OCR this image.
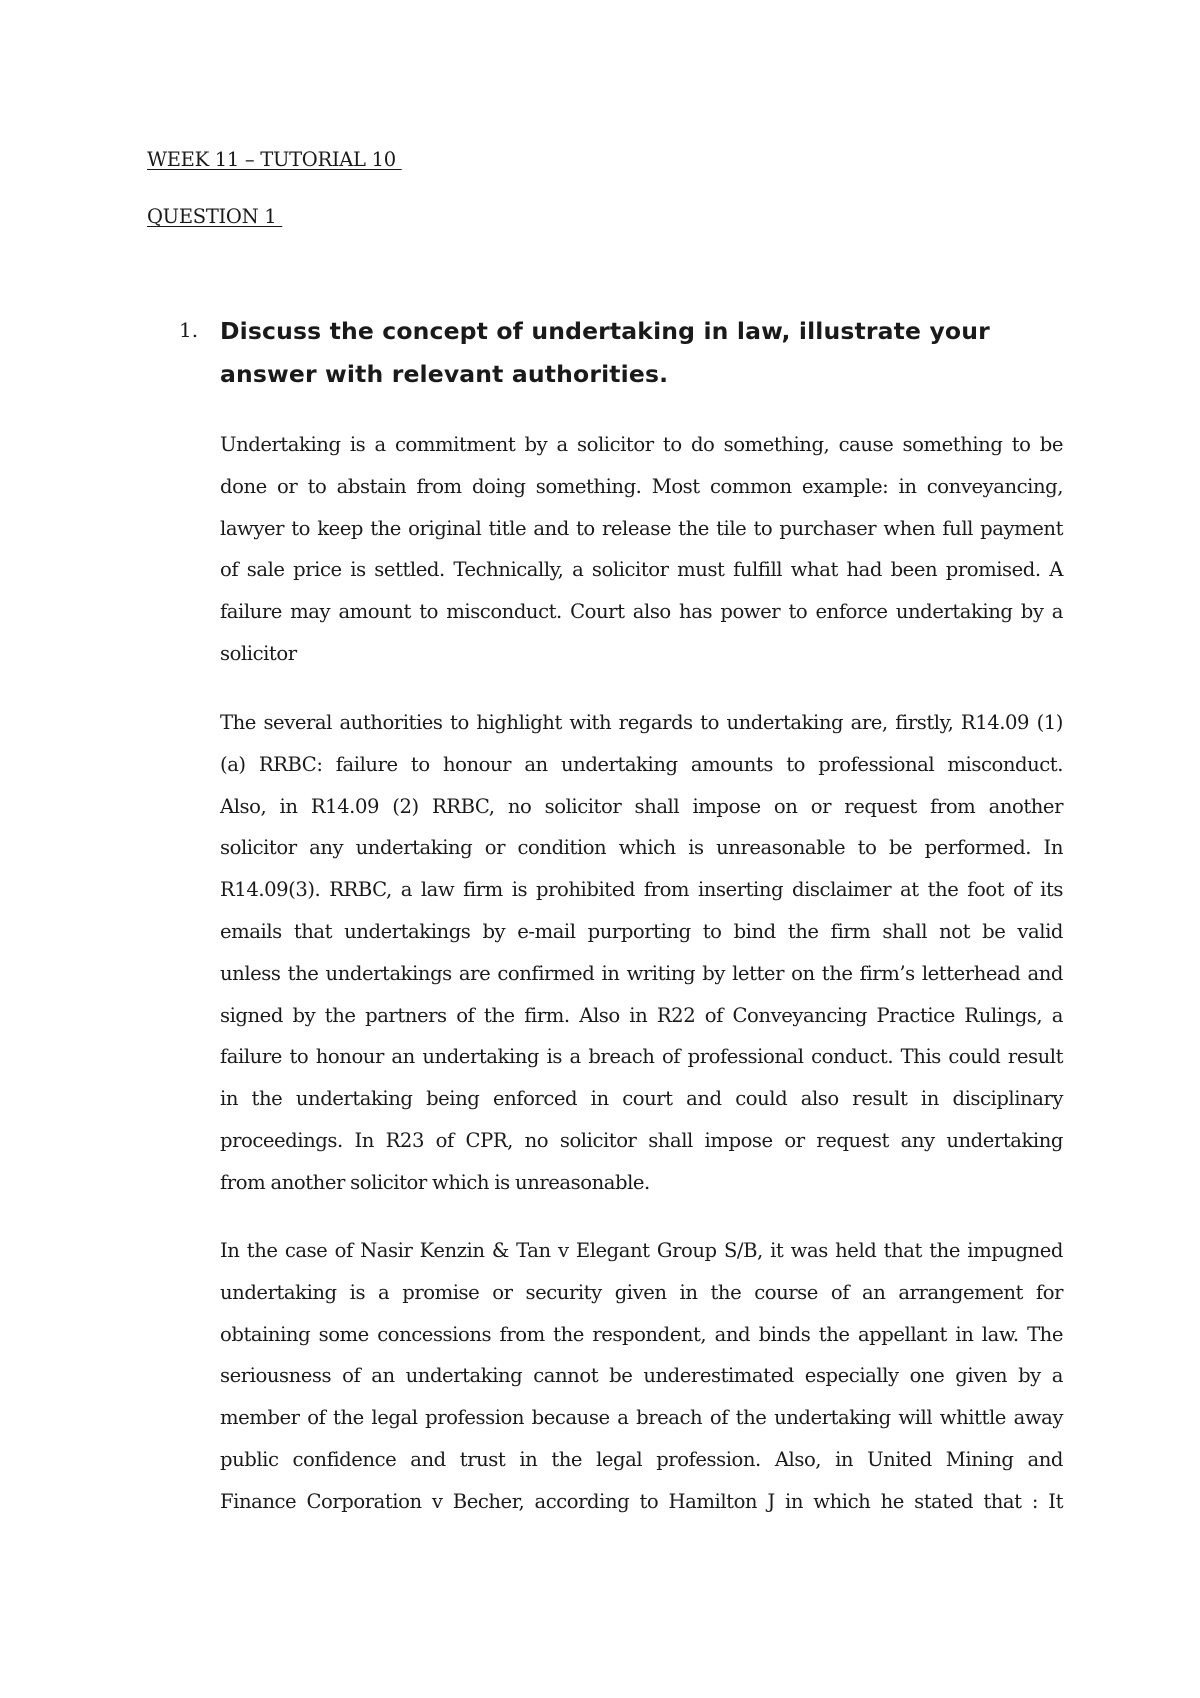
WEEK 11 – TUTORIAL 10
QUESTION 1
1. Discuss the concept of undertaking in law, illustrate your answer with relevant authorities.
Undertaking is a commitment by a solicitor to do something, cause something to be
done or to abstain from doing something. Most common example: in conveyancing,
lawyer to keep the original title and to release the tile to purchaser when full payment
of sale price is settled. Technically, a solicitor must fulfill what had been promised. A
failure may amount to misconduct. Court also has power to enforce undertaking by a
solicitor
The several authorities to highlight with regards to undertaking are, firstly, R14.09 (1)
(a) RRBC: failure to honour an undertaking amounts to professional misconduct.
Also, in R14.09 (2) RRBC, no solicitor shall impose on or request from another
solicitor any undertaking or condition which is unreasonable to be performed. In
R14.09(3). RRBC, a law firm is prohibited from inserting disclaimer at the foot of its
emails that undertakings by e-mail purporting to bind the firm shall not be valid
unless the undertakings are confirmed in writing by letter on the firm’s letterhead and
signed by the partners of the firm. Also in R22 of Conveyancing Practice Rulings, a
failure to honour an undertaking is a breach of professional conduct. This could result
in the undertaking being enforced in court and could also result in disciplinary
proceedings. In R23 of CPR, no solicitor shall impose or request any undertaking
from another solicitor which is unreasonable.
In the case of Nasir Kenzin & Tan v Elegant Group S/B, it was held that the impugned
undertaking is a promise or security given in the course of an arrangement for
obtaining some concessions from the respondent, and binds the appellant in law. The
seriousness of an undertaking cannot be underestimated especially one given by a
member of the legal profession because a breach of the undertaking will whittle away
public confidence and trust in the legal profession. Also, in United Mining and
Finance Corporation v Becher, according to Hamilton J in which he stated that : It
